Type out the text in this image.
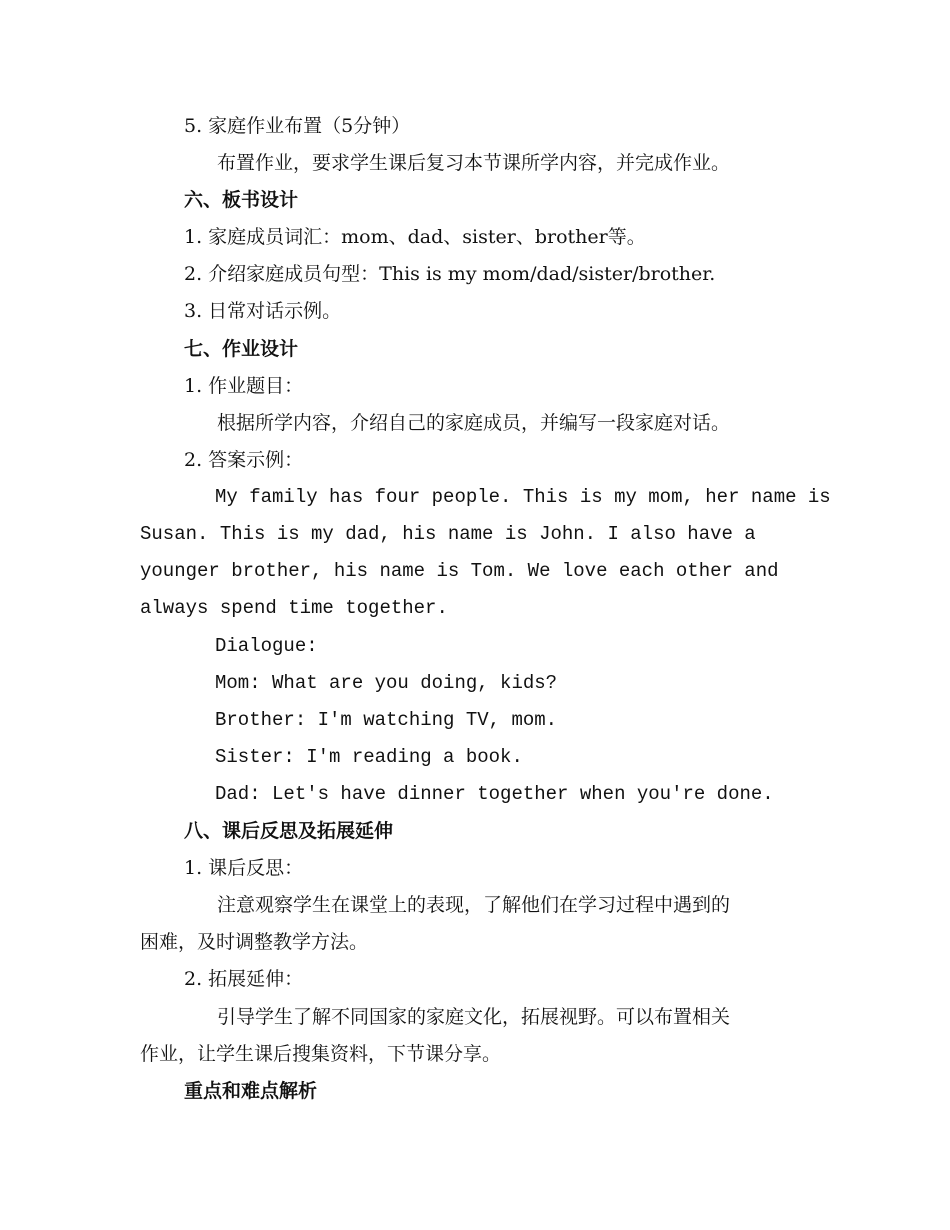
5. 家庭作业布置（5分钟）
布置作业，要求学生课后复习本节课所学内容，并完成作业。
六、板书设计
1. 家庭成员词汇：mom、dad、sister、brother等。
2. 介绍家庭成员句型：This is my mom/dad/sister/brother.
3. 日常对话示例。
七、作业设计
1. 作业题目：
根据所学内容，介绍自己的家庭成员，并编写一段家庭对话。
2. 答案示例：
My family has four people. This is my mom, her name is
Susan. This is my dad, his name is John. I also have a
younger brother, his name is Tom. We love each other and
always spend time together.
Dialogue:
Mom: What are you doing, kids?
Brother: I'm watching TV, mom.
Sister: I'm reading a book.
Dad: Let's have dinner together when you're done.
八、课后反思及拓展延伸
1. 课后反思：
注意观察学生在课堂上的表现，了解他们在学习过程中遇到的
困难，及时调整教学方法。
2. 拓展延伸：
引导学生了解不同国家的家庭文化，拓展视野。可以布置相关
作业，让学生课后搜集资料，下节课分享。
重点和难点解析
